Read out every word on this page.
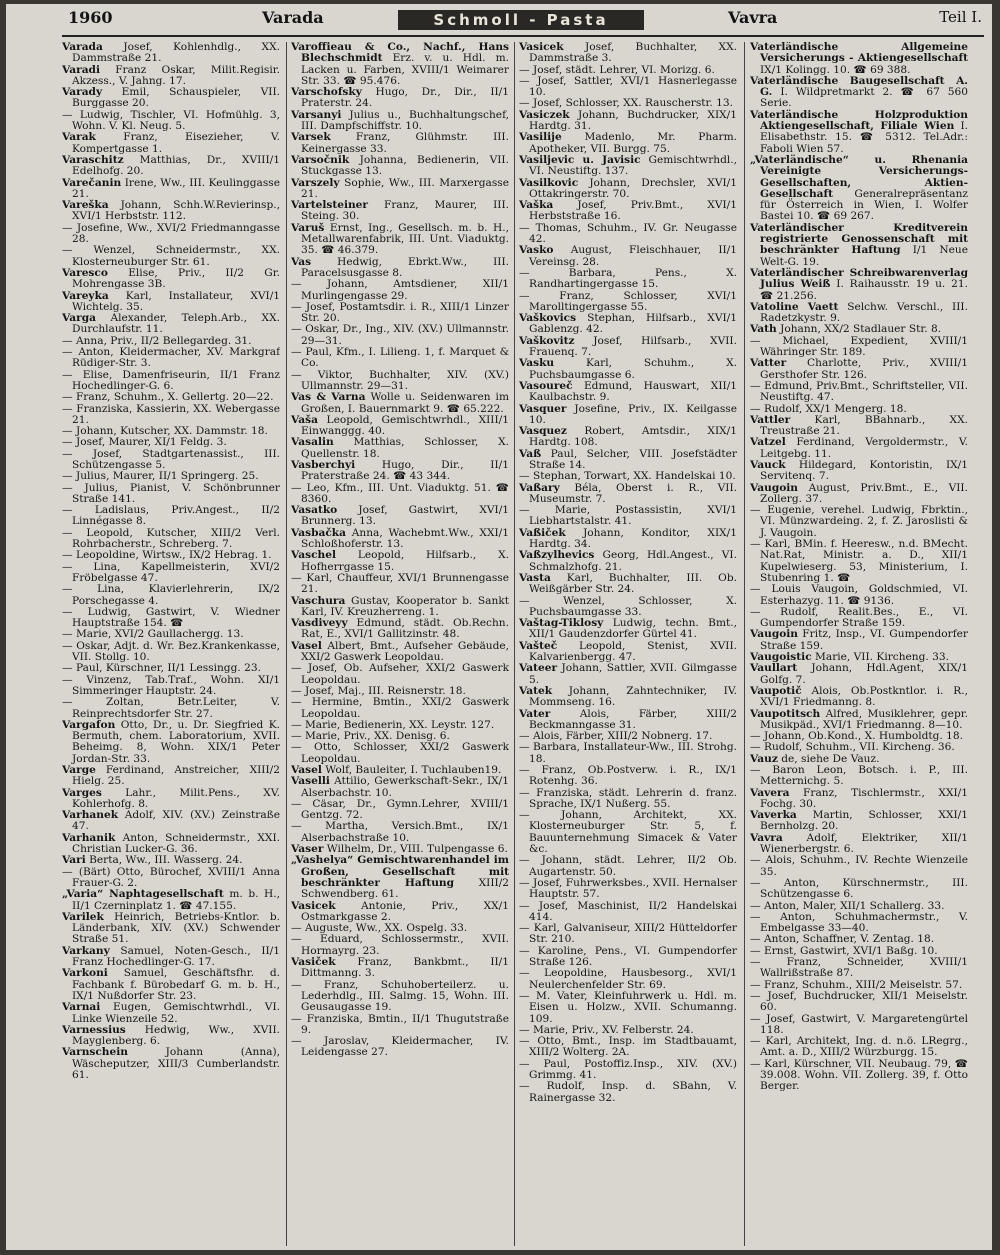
1960	Varada	Schmoll - Pasta	Vavra	Teil I.

Varada Josef, Kohlenhdlg., XX. Dammstraße 21.

Varadi Franz Oskar, Milit.Regisir. Akzess., V. Jahng. 17.

Varady Emil, Schauspieler, VII. Burggasse 20.

— Ludwig, Tischler, VI. Hofmühlg. 3, Wohn. V. Kl. Neug. 5.

Varak	Franz, Eisezieher, V. Kompertgasse 1.

Varaschitz Matthias, Dr., XVIII/1 Edelhofg. 20.

Varečanin Irene, Ww., III. Keulinggasse 21.

Vareška Johann, Schh.W.Revierinsp., XVI/1 Herbststr. 112.

— Josefine, Ww., XVI/2 Friedmanngasse 28.

— Wenzel, Schneidermstr., XX. Klosterneuburger Str. 61.

Varesco Elise, Priv., II/2 Gr. Mohrengasse 3B.

Vareyka Karl, Installateur, XVI/1 Wichtelg. 35.

Varga Alexander, Teleph.Arb., XX. Durchlaufstr. 11.

— Anna, Priv., II/2 Bellegardeg. 31.

— Anton, Kleidermacher, XV. Markgraf Rüdiger-Str. 3.

— Elise, Damenfriseurin, II/1 Franz Hochedlinger-G. 6.

— Franz, Schuhm., X. Gellertg. 20—22.

— Franziska, Kassierin, XX. Webergasse 21.

— Johann, Kutscher, XX. Dammstr. 18.

— Josef, Maurer, XI/1 Feldg. 3.

— Josef, Stadtgartenassist., III. Schützengasse 5.

— Julius, Maurer, II/1 Springerg. 25.

— Julius, Pianist, V. Schönbrunner Straße 141.

— Ladislaus, Priv.Angest., II/2 Linnégasse 8.

— Leopold, Kutscher, XIII/2 Verl. Rohrbacherstr., Schreberg. 7.

— Leopoldine, Wirtsw., IX/2 Hebrag. 1.

— Lina, Kapellmeisterin, XVI/2 Fröbelgasse 47.

— Lina, Klavierlehrerin, IX/2 Porschegasse 4.

— Ludwig, Gastwirt, V. Wiedner Hauptstraße 154. ☎

— Marie, XVI/2 Gaullachergg. 13.

— Oskar, Adjt. d. Wr. Bez.Krankenkasse, VII. Stollg. 10.

— Paul, Kürschner, II/1 Lessingg. 23.

— Vinzenz, Tab.Traf., Wohn. XI/1 Simmeringer Hauptstr. 24.

— Zoltan, Betr.Leiter, V. Reinprechtsdorfer Str. 27.

Vargafon Otto, Dr., u. Dr. Siegfried K. Bermuth, chem. Laboratorium, XVII. Beheimg. 8, Wohn. XIX/1 Peter Jordan-Str. 33.

Varge Ferdinand, Anstreicher, XIII/2 Hielg. 25.

Varges Lahr., Milit.Pens., XV. Kohlerhofg. 8.

Varhanek Adolf, XIV. (XV.) Zeinstraße 47.

Varhanik Anton, Schneidermstr., XXI. Christian Lucker-G. 36.

Vari Berta, Ww., III. Wasserg. 24.

— (Bärt) Otto, Bürochef, XVIII/1 Anna Frauer-G. 2.

„Varia“ Naphtagesellschaft m. b. H., II/1 Czerninplatz 1. ☎ 47.155.

Varilek Heinrich, Betriebs-Kntlor. b. Länderbank, XIV. (XV.) Schwender Straße 51.

Varkany Samuel, Noten-Gesch., II/1 Franz Hochedlinger-G. 17.

Varkoni Samuel, Geschäftsfhr. d. Fachbank f. Bürobedarf G. m. b. H., IX/1 Nußdorfer Str. 23.

Varnai Eugen, Gemischtwrhdl., VI. Linke Wienzeile 52.

Varnessius Hedwig, Ww., XVII. Mayglenberg. 6.

Varnschein	Johann (Anna), Wäscheputzer, XIII/3 Cumberlandstr. 61.

Varoffieau & Co., Nachf., Hans Blechschmidt Erz. v. u. Hdl. m. Lacken u. Farben, XVIII/1 Weimarer Str. 33. ☎ 95.476.

Varschofsky Hugo, Dr., Dir., II/1 Praterstr. 24.

Varsanyi Julius u., Buchhaltungschef, III. Dampfschiffstr. 10.

Varsek Franz, Glühmstr. III. Keinergasse 33.

Varsočnik Johanna, Bedienerin, VII. Stuckgasse 13.

Varszely Sophie, Ww., III. Marxergasse 21.

Vartelsteiner Franz, Maurer, III. Steing. 30.

Varuš Ernst, Ing., Gesellsch. m. b. H., Metallwarenfabrik, III. Unt. Viaduktg. 35. ☎ 46.379.

Vas Hedwig, Ebrkt.Ww., III. Paracelsusgasse 8.

— Johann, Amtsdiener, XII/1 Murlingengasse 29.

— Josef, Postamtsdir. i. R., XIII/1 Linzer Str. 20.

— Oskar, Dr., Ing., XIV. (XV.) Ullmannstr. 29—31.

— Paul, Kfm., I. Lilieng. 1, f. Marquet & Co.

— Viktor, Buchhalter, XIV. (XV.) Ullmannstr. 29—31.

Vas & Varna Wolle u. Seidenwaren im Großen, I. Bauernmarkt 9. ☎ 65.222.

Vaša Leopold, Gemischtwrhdl., XIII/1 Einwanggg. 40.

Vasalin Matthias, Schlosser, X. Quellenstr. 18.

Vasberchyi	Hugo, Dir., II/1 Praterstraße 24. ☎ 43 344.

— Leo, Kfm., III. Unt. Viaduktg. 51. ☎ 8360.

Vasatko Josef, Gastwirt, XVI/1 Brunnerg. 13.

Vasbačka Anna, Wachebmt.Ww., XXI/1 Schloßhoferstr. 13.

Vaschel Leopold, Hilfsarb., X. Hofherrgasse 15.

— Karl, Chauffeur, XVI/1 Brunnengasse 21.

Vaschura Gustav, Kooperator b. Sankt Karl, IV. Kreuzherreng. 1.

Vasdiveyy Edmund, städt. Ob.Rechn. Rat, E., XVI/1 Gallitzinstr. 48.

Vasel Albert, Bmt., Aufseher Gebäude, XXI/2 Gaswerk Leopoldau.

— Josef, Ob. Aufseher, XXI/2 Gaswerk Leopoldau.

— Josef, Maj., III. Reisnerstr. 18.

— Hermine, Bmtin., XXI/2 Gaswerk Leopoldau.

— Marie, Bedienerin, XX. Leystr. 127.

— Marie, Priv., XX. Denisg. 6.

— Otto, Schlosser, XXI/2 Gaswerk Leopoldau.

Vasel Wolf, Bauleiter, I. Tuchlauben19.

Vaselli Attilio, Gewerkschaft-Sekr., IX/1 Alserbachstr. 10.

— Cäsar, Dr., Gymn.Lehrer, XVIII/1 Gentzg. 72.

— Martha, Versich.Bmt., IX/1 Alserbachstraße 10.

Vaser Wilhelm, Dr., VIII. Tulpengasse 6.

„Vashelya“ Gemischtwarenhandel im Großen, Gesellschaft mit beschränkter Haftung XIII/2 Schwendberg. 61.

Vasicek Antonie, Priv., XX/1 Ostmarkgasse 2.

— Auguste, Ww., XX. Ospelg. 33.

— Eduard, Schlossermstr., XVII. Hormayrg. 23.

Vasiček Franz, Bankbmt., II/1 Dittmanng. 3.

— Franz, Schuhoberteilerz. u. Lederhdlg., III. Salmg. 15, Wohn. III. Geusaugasse 19.

— Franziska, Bmtin., II/1 Thugutstraße 9.

— Jaroslav, Kleidermacher, IV. Leidengasse 27.

Vasicek Josef, Buchhalter, XX. Dammstraße 3.

— Josef, städt. Lehrer, VI. Morizg. 6.

— Josef, Sattler, XVI/1 Hasnerlegasse 10.

— Josef, Schlosser, XX. Rauscherstr. 13.

Vasiczek Johann, Buchdrucker, XIX/1 Hardtg. 31.

Vasilije Madenlo, Mr. Pharm. Apotheker, VII. Burgg. 75.

Vasiljevic u. Javisic Gemischtwrhdl., VI. Neustiftg. 137.

Vasilkovic Johann, Drechsler, XVI/1 Ottakringerstr. 70.

Vaška Josef, Priv.Bmt., XVI/1 Herbststraße 16.

— Thomas, Schuhm., IV. Gr. Neugasse 42.

Vasko August, Fleischhauer, II/1 Vereinsg. 28.

— Barbara, Pens., X. Randhartingergasse 15.

— Franz, Schlosser, XVI/1 Marolltingergasse 55.

Vaškovics Stephan, Hilfsarb., XVI/1 Gablenzg. 42.

Vaškovitz Josef, Hilfsarb., XVII. Frauenq. 7.

Vasku	Karl, Schuhm., X. Puchsbaumgasse 6.

Vasoureč Edmund, Hauswart, XII/1 Kaulbachstr. 9.

Vasquer Josefine, Priv., IX. Keilgasse 10.

Vasquez Robert, Amtsdir., XIX/1 Hardtg. 108.

Vaß Paul, Selcher, VIII. Josefstädter Straße 14.

— Stephan, Torwart, XX. Handelskai 10.

Vaßary Béla, Oberst i. R., VII. Museumstr. 7.

— Marie, Postassistin, XVI/1 Liebhartstalstr. 41.

Vaßiček Johann, Konditor, XIX/1 Hardtg. 34.

Vaßzylhevics Georg, Hdl.Angest., VI. Schmalzhofg. 21.

Vasta Karl, Buchhalter, III. Ob. Weißgärber Str. 24.

— Wenzel, Schlosser, X. Puchsbaumgasse 33.

Vaštag-Tiklosy Ludwig, techn. Bmt., XII/1 Gaudenzdorfer Gürtel 41.

Vašteč Leopold, Stenist, XVII. Kalvarienbergg. 47.

Vateer Johann, Sattler, XVII. Gilmgasse 5.

Vatek Johann, Zahntechniker, IV. Mommseng. 16.

Vater	Alois, Färber, XIII/2 Beckmanngasse 31.

— Alois, Färber, XIII/2 Nobnerg. 17.

— Barbara, Installateur-Ww., III. Strohg. 18.

— Franz, Ob.Postverw. i. R., IX/1 Rotenhg. 36.

— Franziska, städt. Lehrerin d. franz. Sprache, IX/1 Nußerg. 55.

— Johann, Architekt, XX. Klosterneuburger Str. 5, f. Bauunternehmung Simacek & Vater &c.

— Johann, städt. Lehrer, II/2 Ob. Augartenstr. 50.

— Josef, Fuhrwerksbes., XVII. Hernalser Hauptstr. 57.

— Josef, Maschinist, II/2 Handelskai 414.

— Karl, Galvaniseur, XIII/2 Hütteldorfer Str. 210.

— Karoline, Pens., VI. Gumpendorfer Straße 126.

— Leopoldine, Hausbesorg., XVI/1 Neulerchenfelder Str. 69.

— M. Vater, Kleinfuhrwerk u. Hdl. m. Eisen u. Holzw., XVII. Schumanng. 109.

— Marie, Priv., XV. Felberstr. 24.

— Otto, Bmt., Insp. im Stadtbauamt, XIII/2 Wolterg. 2A.

— Paul, Postoffiz.Insp., XIV. (XV.) Grimmg. 41.

— Rudolf, Insp. d. SBahn, V. Rainergasse 32.

Vaterländische Allgemeine Versicherungs - Aktiengesellschaft IX/1 Kolingg. 10. ☎ 69 388.

Vaterländische Baugesellschaft A. G. I. Wildpretmarkt 2. ☎ 67 560 Serie.

Vaterländische Holzproduktion Aktiengesellschaft, Filiale Wien I. Elisabethstr. 15. ☎ 5312. Tel.Adr.: Faboli Wien 57.

„Vaterländische“ u. Rhenania Vereinigte Versicherungs-Gesellschaften, Aktien-Gesellschaft Generalrepräsentanz für Österreich in Wien, I. Wolfer Bastei 10. ☎ 69 267.

Vaterländischer Kreditverein registrierte Genossenschaft mit beschränkter Haftung I/1 Neue Welt-G. 19.

Vaterländischer Schreibwarenverlag Julius Weiß I. Raihausstr. 19 u. 21. ☎ 21.256.

Vatoline Vaett Selchw. Verschl., III. Radetzkystr. 9.

Vath Johann, XX/2 Stadlauer Str. 8.

— Michael, Expedient, XVIII/1 Währinger Str. 189.

Vatter Charlotte, Priv., XVIII/1 Gersthofer Str. 126.

— Edmund, Priv.Bmt., Schriftsteller, VII. Neustiftg. 47.

— Rudolf, XX/1 Mengerg. 18.

Vattler Karl, BBahnarb., XX. Treustraße 21.

Vatzel Ferdinand, Vergoldermstr., V. Leitgebg. 11.

Vauck Hildegard, Kontoristin, IX/1 Servitenq. 7.

Vaugoin August, Priv.Bmt., E., VII. Zollerg. 37.

— Eugenie, verehel. Ludwig, Fbrktin., VI. Münzwardeing. 2, f. Z. Jaroslisti & J. Vaugoin.

— Karl, BMin. f. Heeresw., n.d. BMecht. Nat.Rat, Ministr. a. D., XII/1 Kupelwieserg. 53, Ministerium, I. Stubenring 1. ☎

— Louis Vaugoin, Goldschmied, VI. Esterhazyg. 11. ☎ 9136.

— Rudolf, Realit.Bes., E., VI. Gumpendorfer Straße 159.

Vaugoin Fritz, Insp., VI. Gumpendorfer Straße 159.

Vaugoistic Marie, VII. Kircheng. 33.

Vaullart Johann, Hdl.Agent, XIX/1 Golfg. 7.

Vaupotič Alois, Ob.Postkntlor. i. R., XVI/1 Friedmanng. 8.

Vaupotitsch Alfred, Musiklehrer, gepr. Musikpäd., XVI/1 Friedmanng. 8—10.

— Johann, Ob.Kond., X. Humboldtg. 18.

— Rudolf, Schuhm., VII. Kircheng. 36.

Vauz de, siehe De Vauz.

— Baron Leon, Botsch. i. P., III. Metternichg. 5.

Vavera Franz, Tischlermstr., XXI/1 Fochg. 30.

Vaverka Martin, Schlosser, XXI/1 Bernholzg. 20.

Vavra Adolf, Elektriker, XII/1 Wienerbergstr. 6.

— Alois, Schuhm., IV. Rechte Wienzeile 35.

— Anton, Kürschnermstr., III. Schützengasse 6.

— Anton, Maler, XII/1 Schallerg. 33.

— Anton, Schuhmachermstr., V. Embelgasse 33—40.

— Anton, Schaffner, V. Zentag. 18.

— Ernst, Gastwirt, XVI/1 Baßg. 10.

— Franz, Schneider, XVIII/1 Wallrißstraße 87.

— Franz, Schuhm., XIII/2 Meiselstr. 57.

— Josef, Buchdrucker, XII/1 Meiselstr. 60.

— Josef, Gastwirt, V. Margaretengürtel 118.

— Karl, Architekt, Ing. d. n.ö. LRegrg., Amt. a. D., XIII/2 Würzburgg. 15.

— Karl, Kürschner, VII. Neubaug. 79, ☎ 39.008. Wohn. VII. Zollerg. 39, f. Otto Berger.
